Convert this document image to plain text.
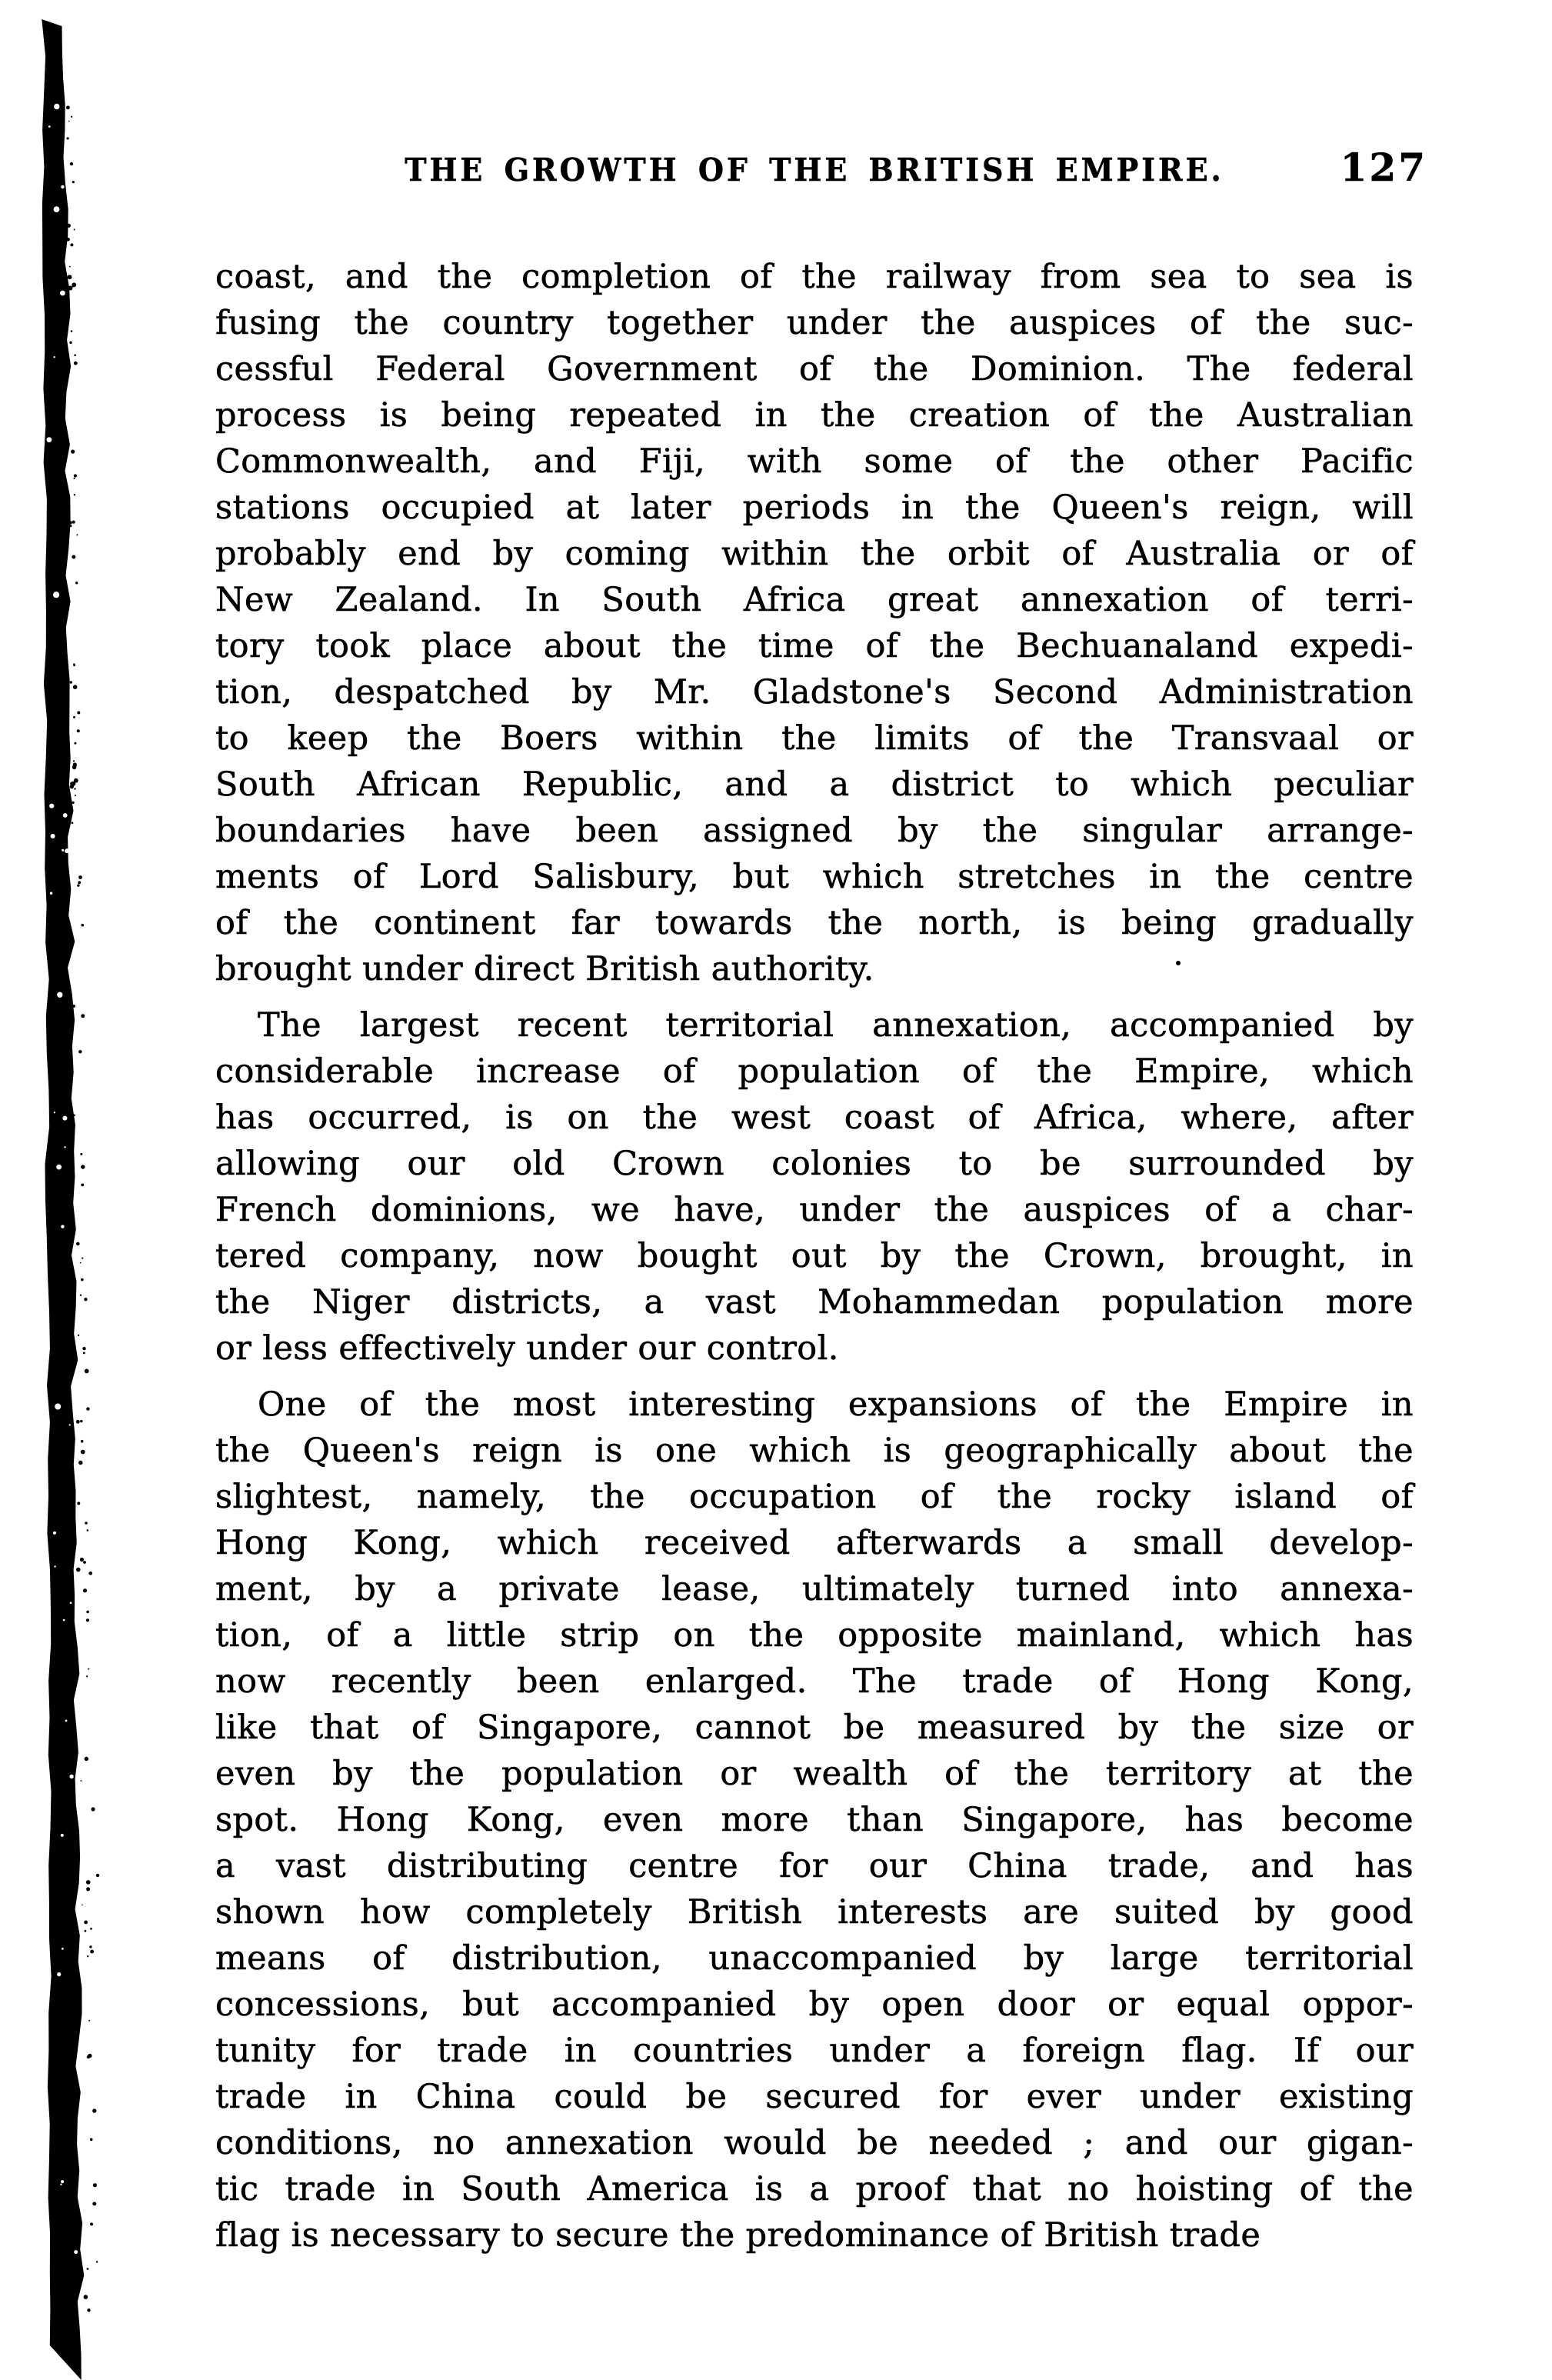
THE GROWTH OF THE BRITISH EMPIRE.	127
coast, and the completion of the railway from sea to sea is
fusing the country together under the auspices of the suc-
cessful Federal Government of the Dominion. The federal
process is being repeated in the creation of the Australian
Commonwealth, and Fiji, with some of the other Pacific
stations occupied at later periods in the Queen's reign, will
probably end by coming within the orbit of Australia or of
New Zealand. In South Africa great annexation of terri-
tory took place about the time of the Bechuanaland expedi-
tion, despatched by Mr. Gladstone's Second Administration
to keep the Boers within the limits of the Transvaal or
South African Republic, and a district to which peculiar
boundaries have been assigned by the singular arrange-
ments of Lord Salisbury, but which stretches in the centre
of the continent far towards the north, is being gradually
brought under direct British authority.
The largest recent territorial annexation, accompanied by
considerable increase of population of the Empire, which
has occurred, is on the west coast of Africa, where, after
allowing our old Crown colonies to be surrounded by
French dominions, we have, under the auspices of a char-
tered company, now bought out by the Crown, brought, in
the Niger districts, a vast Mohammedan population more
or less effectively under our control.
One of the most interesting expansions of the Empire in
the Queen's reign is one which is geographically about the
slightest, namely, the occupation of the rocky island of
Hong Kong, which received afterwards a small develop-
ment, by a private lease, ultimately turned into annexa-
tion, of a little strip on the opposite mainland, which has
now recently been enlarged. The trade of Hong Kong,
like that of Singapore, cannot be measured by the size or
even by the population or wealth of the territory at the
spot. Hong Kong, even more than Singapore, has become
a vast distributing centre for our China trade, and has
shown how completely British interests are suited by good
means of distribution, unaccompanied by large territorial
concessions, but accompanied by open door or equal oppor-
tunity for trade in countries under a foreign flag. If our
trade in China could be secured for ever under existing
conditions, no annexation would be needed ; and our gigan-
tic trade in South America is a proof that no hoisting of the
flag is necessary to secure the predominance of British trade
